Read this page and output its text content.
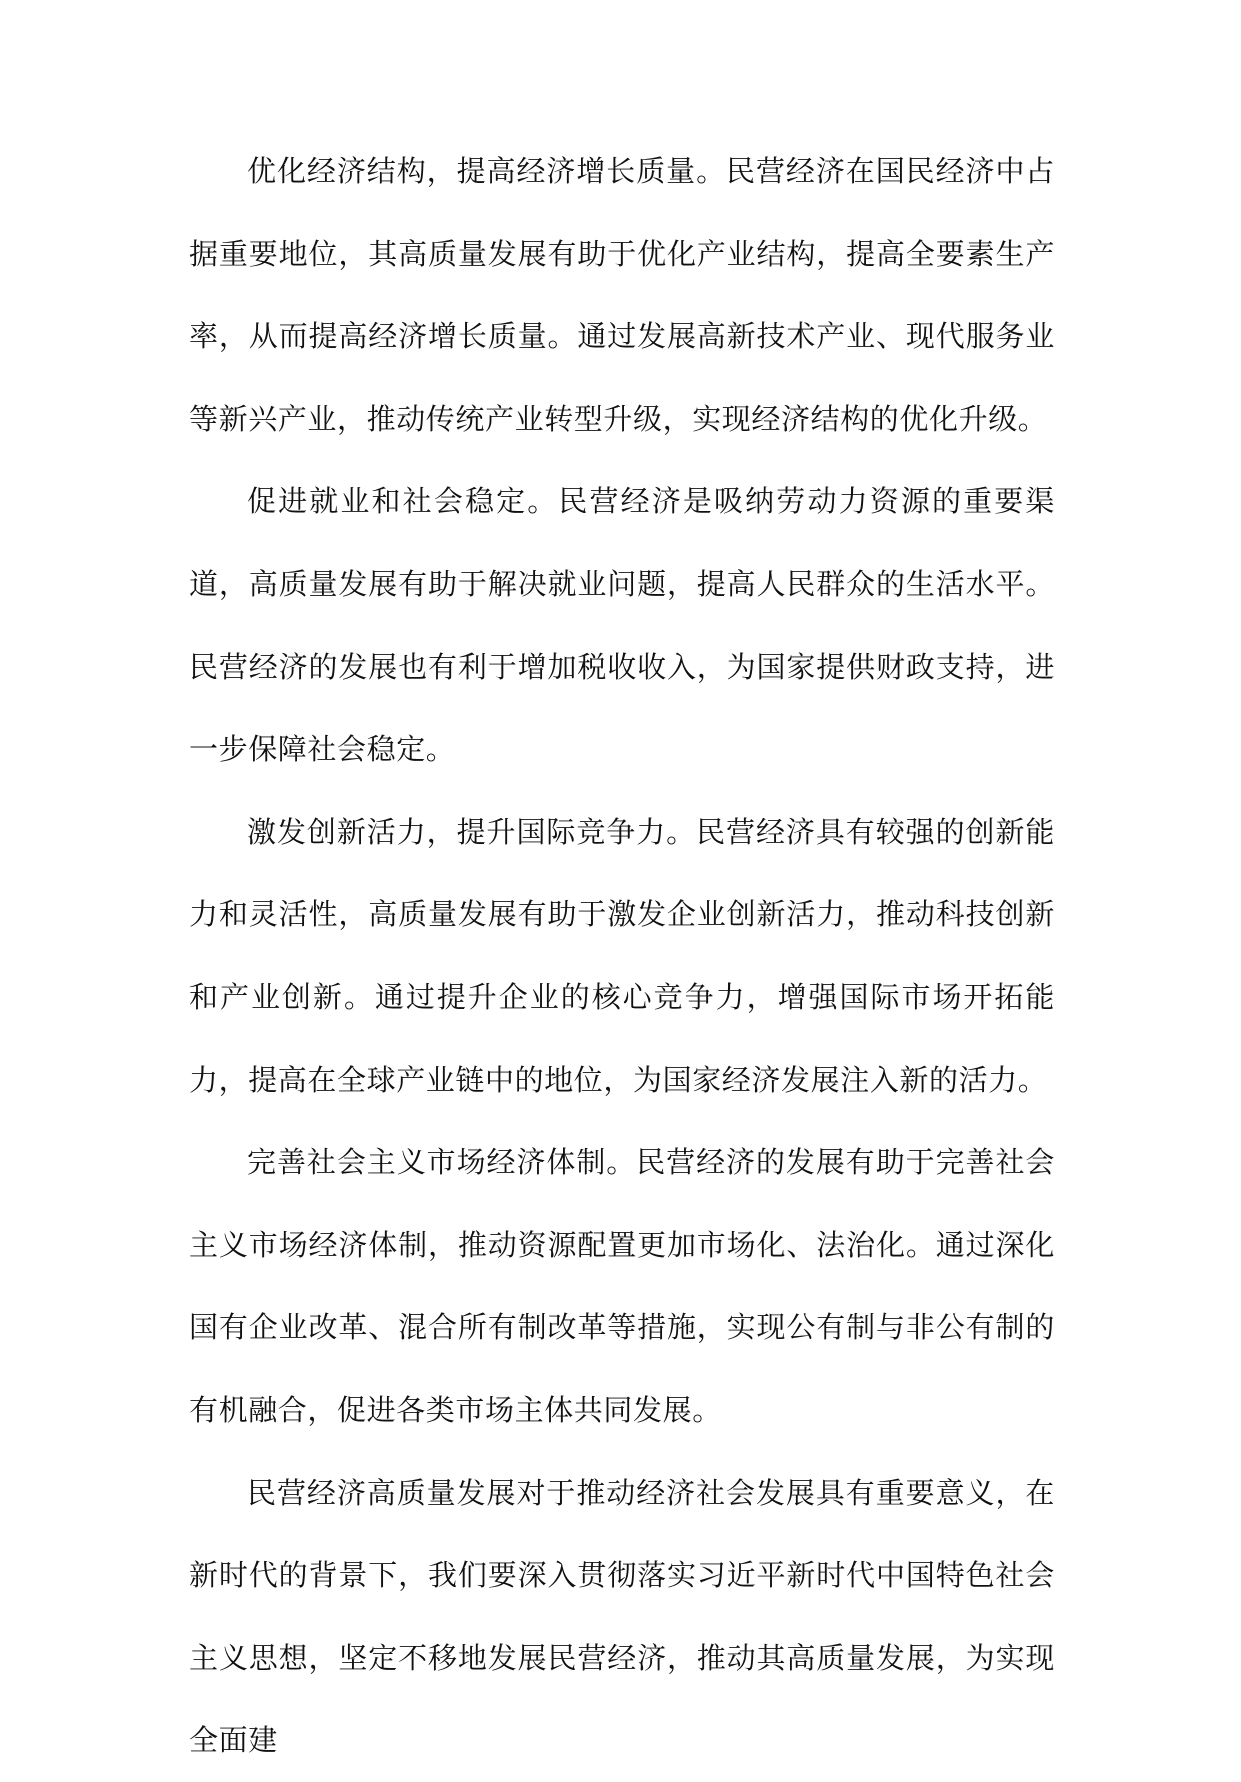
优化经济结构，提高经济增长质量。民营经济在国民经济中占据重要地位，其高质量发展有助于优化产业结构，提高全要素生产率，从而提高经济增长质量。通过发展高新技术产业、现代服务业等新兴产业，推动传统产业转型升级，实现经济结构的优化升级。

促进就业和社会稳定。民营经济是吸纳劳动力资源的重要渠道，高质量发展有助于解决就业问题，提高人民群众的生活水平。民营经济的发展也有利于增加税收收入，为国家提供财政支持，进一步保障社会稳定。

激发创新活力，提升国际竞争力。民营经济具有较强的创新能力和灵活性，高质量发展有助于激发企业创新活力，推动科技创新和产业创新。通过提升企业的核心竞争力，增强国际市场开拓能力，提高在全球产业链中的地位，为国家经济发展注入新的活力。

完善社会主义市场经济体制。民营经济的发展有助于完善社会主义市场经济体制，推动资源配置更加市场化、法治化。通过深化国有企业改革、混合所有制改革等措施，实现公有制与非公有制的有机融合，促进各类市场主体共同发展。

民营经济高质量发展对于推动经济社会发展具有重要意义，在新时代的背景下，我们要深入贯彻落实习近平新时代中国特色社会主义思想，坚定不移地发展民营经济，推动其高质量发展，为实现全面建
